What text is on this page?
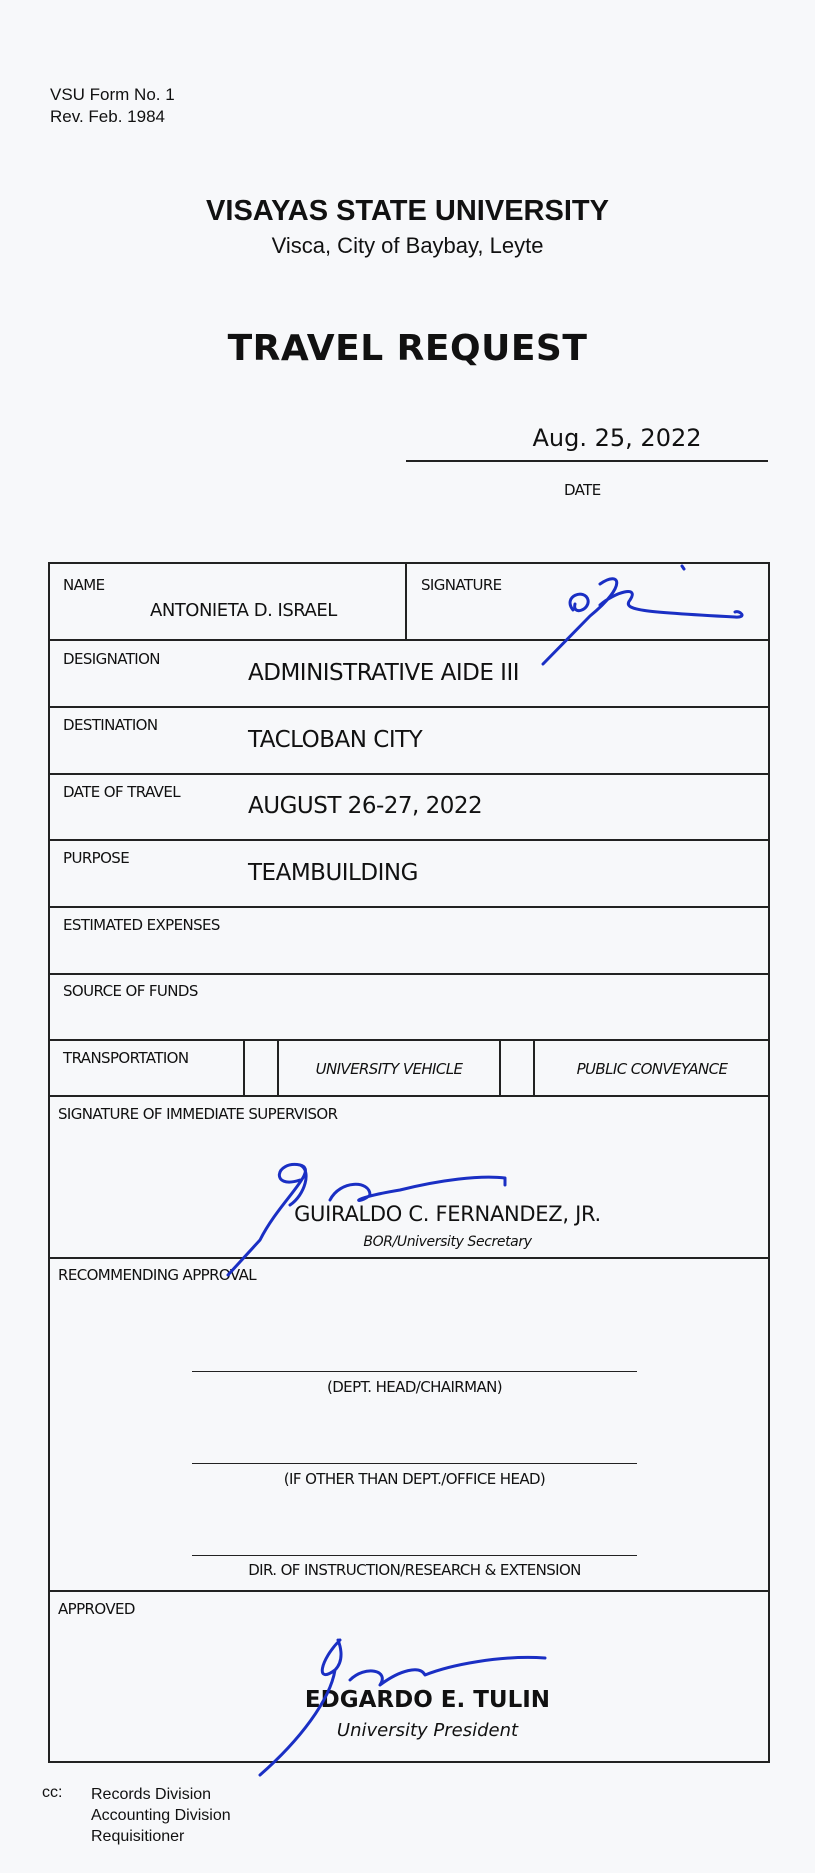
VSU Form No. 1
Rev. Feb. 1984
VISAYAS STATE UNIVERSITY
Visca, City of Baybay, Leyte
TRAVEL REQUEST
Aug. 25, 2022
DATE
NAME
ANTONIETA D. ISRAEL
SIGNATURE
DESIGNATION
ADMINISTRATIVE AIDE III
DESTINATION
TACLOBAN CITY
DATE OF TRAVEL
AUGUST 26-27, 2022
PURPOSE
TEAMBUILDING
ESTIMATED EXPENSES
SOURCE OF FUNDS
TRANSPORTATION
UNIVERSITY VEHICLE	PUBLIC CONVEYANCE
SIGNATURE OF IMMEDIATE SUPERVISOR
GUIRALDO C. FERNANDEZ, JR.
BOR/University Secretary
RECOMMENDING APPROVAL
(DEPT. HEAD/CHAIRMAN)
(IF OTHER THAN DEPT./OFFICE HEAD)
DIR. OF INSTRUCTION/RESEARCH & EXTENSION
APPROVED
EDGARDO E. TULIN
University President
cc: Records Division
Accounting Division
Requisitioner
